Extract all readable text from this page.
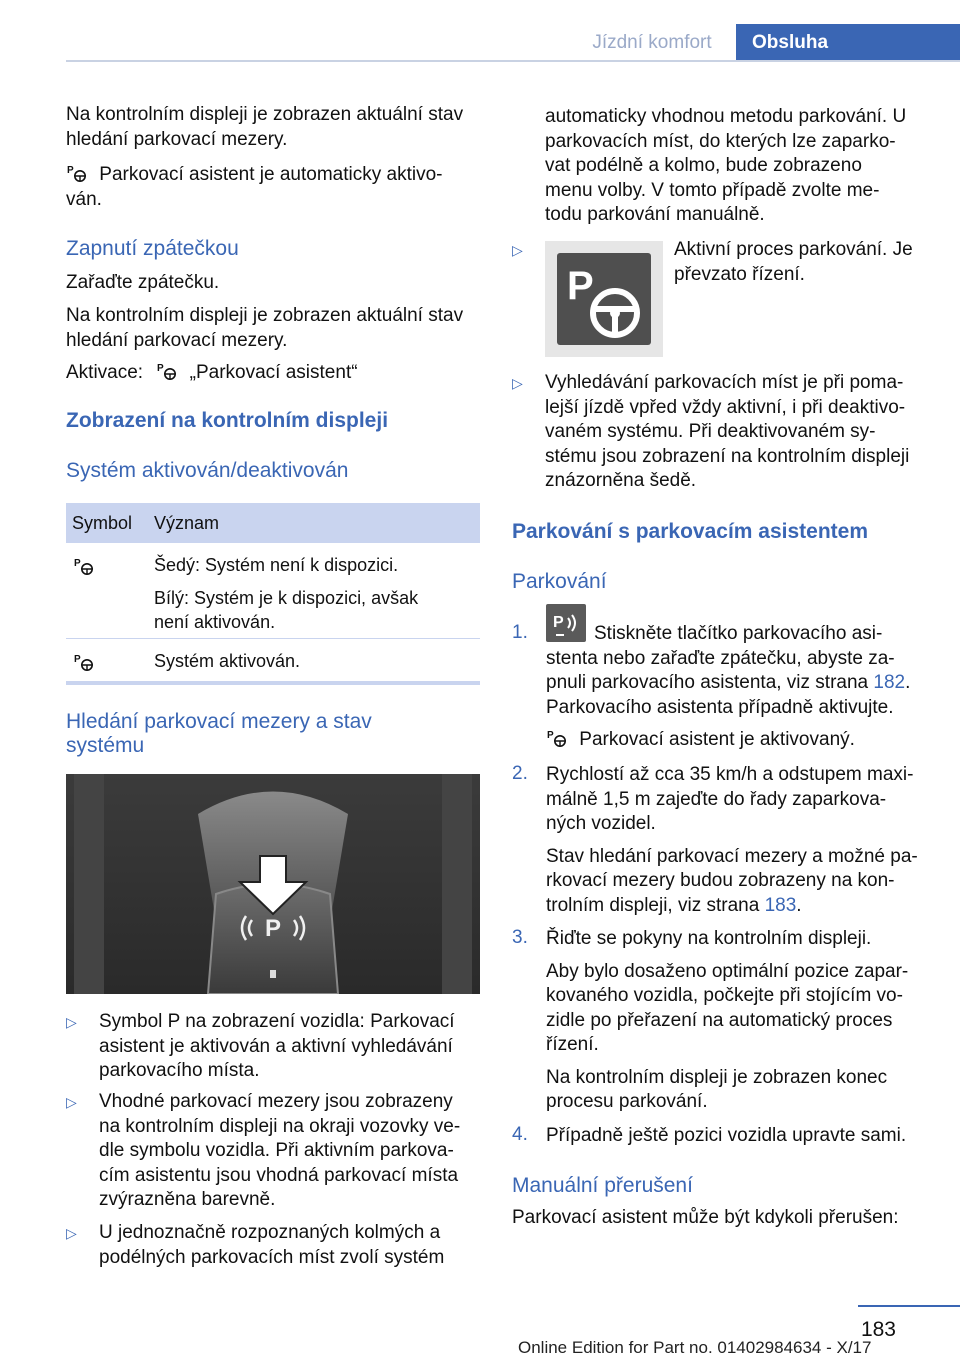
Jízdní komfort	Obsluha
Na kontrolním displeji je zobrazen aktuální stav
hledání parkovací mezery.
P Parkovací asistent je automaticky aktivo-
ván.
Zapnutí zpátečkou
Zařaďte zpátečku.
Na kontrolním displeji je zobrazen aktuální stav
hledání parkovací mezery.
Aktivace: P „Parkovací asistent“
Zobrazení na kontrolním displeji
Systém aktivován/deaktivován
Symbol Význam
P	Šedý: Systém není k dispozici.
Bílý: Systém je k dispozici, avšak
není aktivován.
P	Systém aktivován.
Hledání parkovací mezery a stav
systému
P
▷ Symbol P na zobrazení vozidla: Parkovací
asistent je aktivován a aktivní vyhledávání
parkovacího místa.
▷ Vhodné parkovací mezery jsou zobrazeny
na kontrolním displeji na okraji vozovky ve-
dle symbolu vozidla. Při aktivním parkova-
cím asistentu jsou vhodná parkovací místa
zvýrazněna barevně.
▷ U jednoznačně rozpoznaných kolmých a
podélných parkovacích míst zvolí systém
automaticky vhodnou metodu parkování. U
parkovacích míst, do kterých lze zaparko-
vat podélně a kolmo, bude zobrazeno
menu volby. V tomto případě zvolte me-
todu parkování manuálně.
▷
P
Aktivní proces parkování. Je
převzato řízení.
▷ Vyhledávání parkovacích míst je při poma-
lejší jízdě vpřed vždy aktivní, i při deaktivo-
vaném systému. Při deaktivovaném sy-
stému jsou zobrazení na kontrolním displeji
znázorněna šedě.
Parkování s parkovacím asistentem
Parkování
1. P
Stiskněte tlačítko parkovacího asi-
stenta nebo zařaďte zpátečku, abyste za-
pnuli parkovacího asistenta, viz strana 182.
Parkovacího asistenta případně aktivujte.
P Parkovací asistent je aktivovaný.
2. Rychlostí až cca 35 km/h a odstupem maxi-
málně 1,5 m zajeďte do řady zaparkova-
ných vozidel.
Stav hledání parkovací mezery a možné pa-
rkovací mezery budou zobrazeny na kon-
trolním displeji, viz strana 183.
3. Řiďte se pokyny na kontrolním displeji.
Aby bylo dosaženo optimální pozice zapar-
kovaného vozidla, počkejte při stojícím vo-
zidle po přeřazení na automatický proces
řízení.
Na kontrolním displeji je zobrazen konec
procesu parkování.
4. Případně ještě pozici vozidla upravte sami.
Manuální přerušení
Parkovací asistent může být kdykoli přerušen:
183
Online Edition for Part no. 01402984634 - X/17
